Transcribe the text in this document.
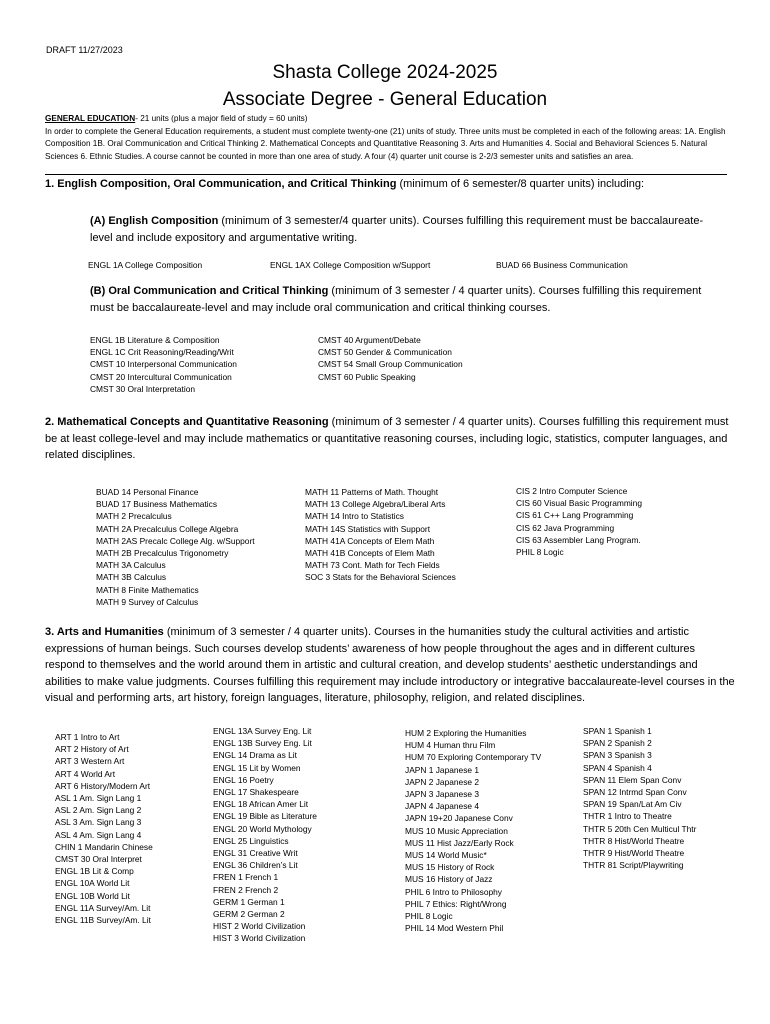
DRAFT 11/27/2023
Shasta College 2024-2025
Associate Degree - General Education
GENERAL EDUCATION- 21 units (plus a major field of study = 60 units)
In order to complete the General Education requirements, a student must complete twenty-one (21) units of study. Three units must be completed in each of the following areas: 1A. English Composition 1B. Oral Communication and Critical Thinking 2. Mathematical Concepts and Quantitative Reasoning 3. Arts and Humanities 4. Social and Behavioral Sciences 5. Natural Sciences 6. Ethnic Studies. A course cannot be counted in more than one area of study. A four (4) quarter unit course is 2-2/3 semester units and satisfies an area.
1. English Composition, Oral Communication, and Critical Thinking (minimum of 6 semester/8 quarter units) including:
(A) English Composition (minimum of 3 semester/4 quarter units). Courses fulfilling this requirement must be baccalaureate-level and include expository and argumentative writing.
ENGL 1A College Composition	ENGL 1AX College Composition w/Support	BUAD 66 Business Communication
(B) Oral Communication and Critical Thinking (minimum of 3 semester / 4 quarter units). Courses fulfilling this requirement must be baccalaureate-level and may include oral communication and critical thinking courses.
ENGL 1B Literature & Composition
ENGL 1C Crit Reasoning/Reading/Writ
CMST 10 Interpersonal Communication
CMST 20 Intercultural Communication
CMST 30 Oral Interpretation
CMST 40 Argument/Debate
CMST 50 Gender & Communication
CMST 54 Small Group Communication
CMST 60 Public Speaking
2. Mathematical Concepts and Quantitative Reasoning (minimum of 3 semester / 4 quarter units). Courses fulfilling this requirement must be at least college-level and may include mathematics or quantitative reasoning courses, including logic, statistics, computer languages, and related disciplines.
BUAD 14 Personal Finance
BUAD 17 Business Mathematics
MATH 2 Precalculus
MATH 2A Precalculus College Algebra
MATH 2AS Precalc College Alg. w/Support
MATH 2B Precalculus Trigonometry
MATH 3A Calculus
MATH 3B Calculus
MATH 8 Finite Mathematics
MATH 9 Survey of Calculus
MATH 11 Patterns of Math. Thought
MATH 13 College Algebra/Liberal Arts
MATH 14 Intro to Statistics
MATH 14S Statistics with Support
MATH 41A Concepts of Elem Math
MATH 41B Concepts of Elem Math
MATH 73 Cont. Math for Tech Fields
SOC 3 Stats for the Behavioral Sciences
CIS 2 Intro Computer Science
CIS 60 Visual Basic Programming
CIS 61 C++ Lang Programming
CIS 62 Java Programming
CIS 63 Assembler Lang Program.
PHIL 8 Logic
3. Arts and Humanities (minimum of 3 semester / 4 quarter units). Courses in the humanities study the cultural activities and artistic expressions of human beings. Such courses develop students’ awareness of how people throughout the ages and in different cultures respond to themselves and the world around them in artistic and cultural creation, and develop students’ aesthetic understandings and abilities to make value judgments. Courses fulfilling this requirement may include introductory or integrative baccalaureate-level courses in the visual and performing arts, art history, foreign languages, literature, philosophy, religion, and related disciplines.
ART 1 Intro to Art
ART 2 History of Art
ART 3 Western Art
ART 4 World Art
ART 6 History/Modern Art
ASL 1 Am. Sign Lang 1
ASL 2 Am. Sign Lang 2
ASL 3 Am. Sign Lang 3
ASL 4 Am. Sign Lang 4
CHIN 1 Mandarin Chinese
CMST 30 Oral Interpret
ENGL 1B Lit & Comp
ENGL 10A World Lit
ENGL 10B World Lit
ENGL 11A Survey/Am. Lit
ENGL 11B Survey/Am. Lit
ENGL 13A Survey Eng. Lit
ENGL 13B Survey Eng. Lit
ENGL 14 Drama as Lit
ENGL 15 Lit by Women
ENGL 16 Poetry
ENGL 17 Shakespeare
ENGL 18 African Amer Lit
ENGL 19 Bible as Literature
ENGL 20 World Mythology
ENGL 25 Linguistics
ENGL 31 Creative Writ
ENGL 36 Children’s Lit
FREN 1 French 1
FREN 2 French 2
GERM 1 German 1
GERM 2 German 2
HIST 2 World Civilization
HIST 3 World Civilization
HUM 2 Exploring the Humanities
HUM 4 Human thru Film
HUM 70 Exploring Contemporary TV
JAPN 1 Japanese 1
JAPN 2 Japanese 2
JAPN 3 Japanese 3
JAPN 4 Japanese 4
JAPN 19+20 Japanese Conv
MUS 10 Music Appreciation
MUS 11 Hist Jazz/Early Rock
MUS 14 World Music*
MUS 15 History of Rock
MUS 16 History of Jazz
PHIL 6 Intro to Philosophy
PHIL 7 Ethics: Right/Wrong
PHIL 8 Logic
PHIL 14 Mod Western Phil
SPAN 1 Spanish 1
SPAN 2 Spanish 2
SPAN 3 Spanish 3
SPAN 4 Spanish 4
SPAN 11 Elem Span Conv
SPAN 12 Intrmd Span Conv
SPAN 19 Span/Lat Am Civ
THTR 1 Intro to Theatre
THTR 5 20th Cen Multicul Thtr
THTR 8 Hist/World Theatre
THTR 9 Hist/World Theatre
THTR 81 Script/Playwriting
